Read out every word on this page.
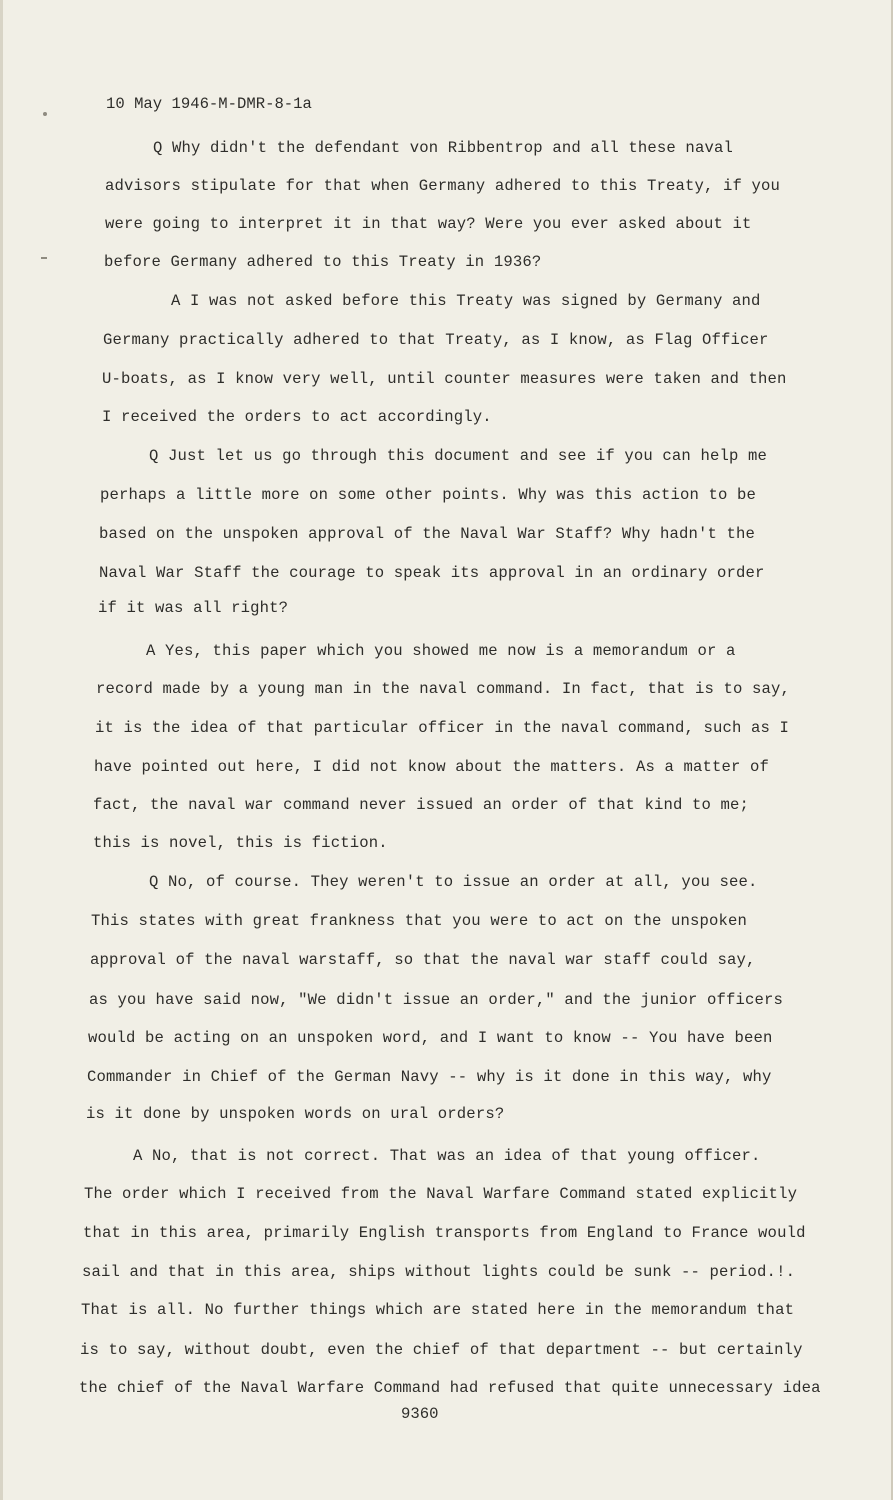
10 May 1946-M-DMR-8-1a

Q Why didn't the defendant von Ribbentrop and all these naval

advisors stipulate for that when Germany adhered to this Treaty, if you

were going to interpret it in that way? Were you ever asked about it

before Germany adhered to this Treaty in 1936?

A I was not asked before this Treaty was signed by Germany and

Germany practically adhered to that Treaty, as I know, as Flag Officer

U-boats, as I know very well, until counter measures were taken and then

I received the orders to act accordingly.

Q Just let us go through this document and see if you can help me

perhaps a little more on some other points. Why was this action to be

based on the unspoken approval of the Naval War Staff? Why hadn't the

Naval War Staff the courage to speak its approval in an ordinary order

if it was all right?

A Yes, this paper which you showed me now is a memorandum or a

record made by a young man in the naval command. In fact, that is to say,

it is the idea of that particular officer in the naval command, such as I

have pointed out here, I did not know about the matters. As a matter of

fact, the naval war command never issued an order of that kind to me;

this is novel, this is fiction.

Q No, of course. They weren't to issue an order at all, you see.

This states with great frankness that you were to act on the unspoken

approval of the naval warstaff, so that the naval war staff could say,

as you have said now, "We didn't issue an order," and the junior officers

would be acting on an unspoken word, and I want to know -- You have been

Commander in Chief of the German Navy -- why is it done in this way, why

is it done by unspoken words on ural orders?

A No, that is not correct. That was an idea of that young officer.

The order which I received from the Naval Warfare Command stated explicitly

that in this area, primarily English transports from England to France would

sail and that in this area, ships without lights could be sunk -- period.!.

That is all. No further things which are stated here in the memorandum that

is to say, without doubt, even the chief of that department -- but certainly

the chief of the Naval Warfare Command had refused that quite unnecessary idea

9360
